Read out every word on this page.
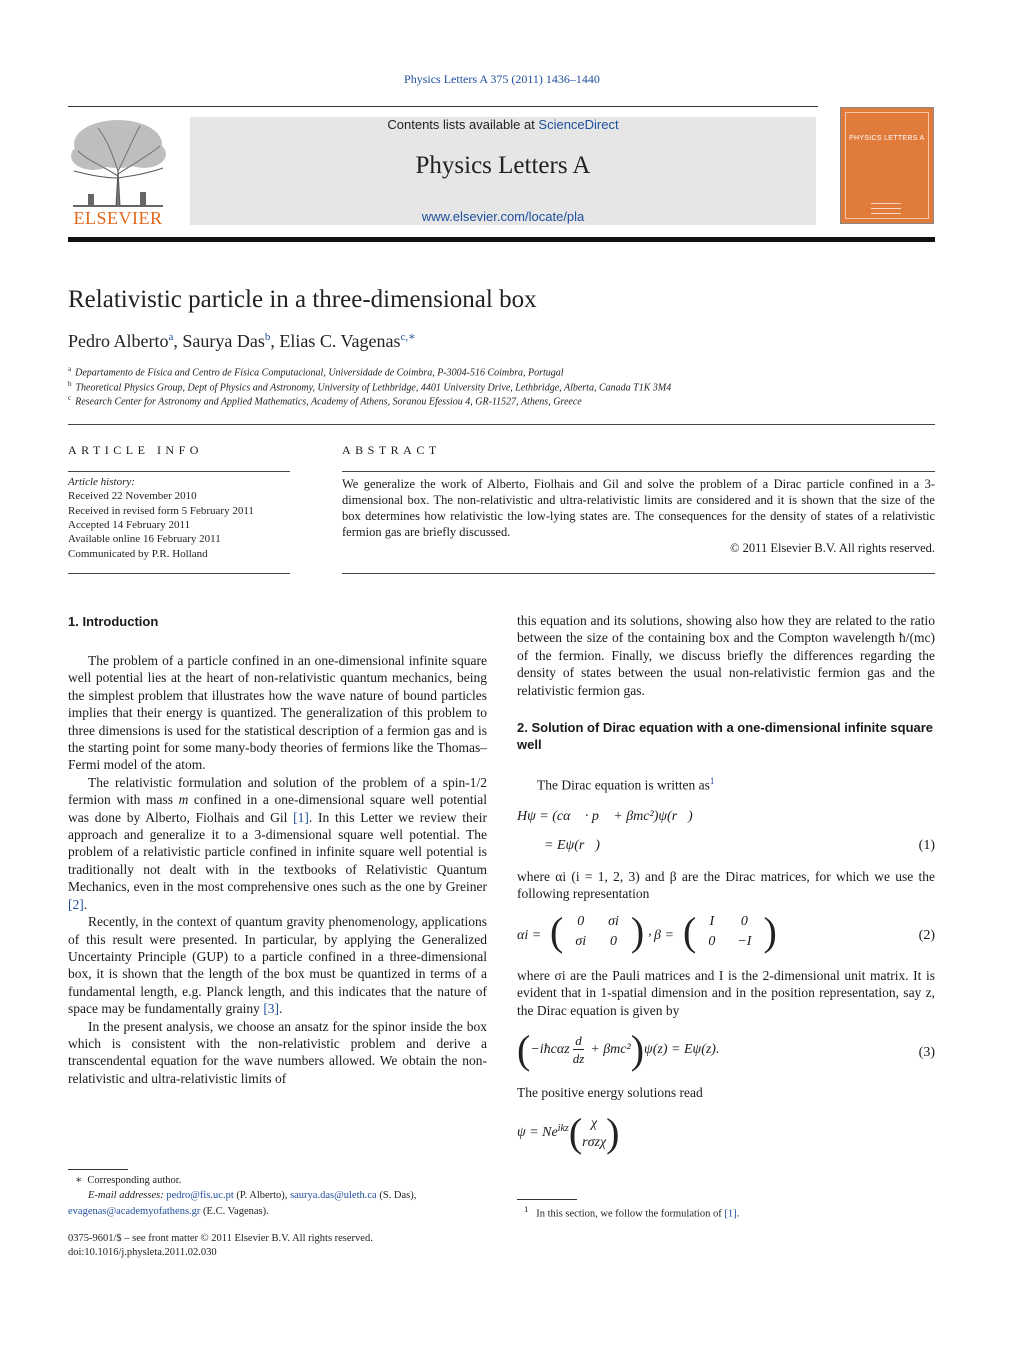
Physics Letters A 375 (2011) 1436–1440
ELSEVIER
Contents lists available at ScienceDirect
Physics Letters A
www.elsevier.com/locate/pla
PHYSICS LETTERS A
Relativistic particle in a three-dimensional box
Pedro Alberto$^a$, Saurya Das$^b$, Elias C. Vagenas$^{c,∗}$
$^a$ Departamento de Física and Centro de Física Computacional, Universidade de Coimbra, P-3004-516 Coimbra, Portugal
$^b$ Theoretical Physics Group, Dept of Physics and Astronomy, University of Lethbridge, 4401 University Drive, Lethbridge, Alberta, Canada T1K 3M4
$^c$ Research Center for Astronomy and Applied Mathematics, Academy of Athens, Soranou Efessiou 4, GR-11527, Athens, Greece
ARTICLE INFO
Article history:
Received 22 November 2010
Received in revised form 5 February 2011
Accepted 14 February 2011
Available online 16 February 2011
Communicated by P.R. Holland
ABSTRACT
We generalize the work of Alberto, Fiolhais and Gil and solve the problem of a Dirac particle confined in a 3-dimensional box. The non-relativistic and ultra-relativistic limits are considered and it is shown that the size of the box determines how relativistic the low-lying states are. The consequences for the density of states of a relativistic fermion gas are briefly discussed.
© 2011 Elsevier B.V. All rights reserved.
1. Introduction

The problem of a particle confined in an one-dimensional infinite square well potential lies at the heart of non-relativistic quantum mechanics, being the simplest problem that illustrates how the wave nature of bound particles implies that their energy is quantized. The generalization of this problem to three dimensions is used for the statistical description of a fermion gas and is the starting point for some many-body theories of fermions like the Thomas–Fermi model of the atom.

The relativistic formulation and solution of the problem of a spin-1/2 fermion with mass m confined in a one-dimensional square well potential was done by Alberto, Fiolhais and Gil [1]. In this Letter we review their approach and generalize it to a 3-dimensional square well potential. The problem of a relativistic particle confined in infinite square well potential is traditionally not dealt with in the textbooks of Relativistic Quantum Mechanics, even in the most comprehensive ones such as the one by Greiner [2].

Recently, in the context of quantum gravity phenomenology, applications of this result were presented. In particular, by applying the Generalized Uncertainty Principle (GUP) to a particle confined in a three-dimensional box, it is shown that the length of the box must be quantized in terms of a fundamental length, e.g. Planck length, and this indicates that the nature of space may be fundamentally grainy [3].

In the present analysis, we choose an ansatz for the spinor inside the box which is consistent with the non-relativistic problem and derive a transcendental equation for the wave numbers allowed. We obtain the non-relativistic and ultra-relativistic limits of

∗ Corresponding author.
E-mail addresses: pedro@fis.uc.pt (P. Alberto), saurya.das@uleth.ca (S. Das),
evagenas@academyofathens.gr (E.C. Vagenas).
0375-9601/$ – see front matter © 2011 Elsevier B.V. All rights reserved.
doi:10.1016/j.physleta.2011.02.030

this equation and its solutions, showing also how they are related to the ratio between the size of the containing box and the Compton wavelength ħ/(mc) of the fermion. Finally, we discuss briefly the differences regarding the density of states between the usual non-relativistic fermion gas and the relativistic fermion gas.

2. Solution of Dirac equation with a one-dimensional infinite square well

The Dirac equation is written $as^1$

Hψ = (cα⃗ · p⃗ + βmc²)ψ(r⃗)
= Eψ(r⃗)	(1)

where αi (i = 1, 2, 3) and β are the Dirac matrices, for which we use the following representation

αi = ( 0	σi
σi	0 ) , β = ( I	0
0	−I )	(2)

where σi are the Pauli matrices and I is the 2-dimensional unit matrix. It is evident that in 1-spatial dimension and in the position representation, say z, the Dirac equation is given by

( −iħcαz $\frac{d}{dz} + \beta mc^2$ ) ψ(z) = Eψ(z).	(3)

The positive energy solutions read

$\psi = Ne^{ikz}$ ( χ
rσzχ )
$^1$ In this section, we follow the formulation of [1].
